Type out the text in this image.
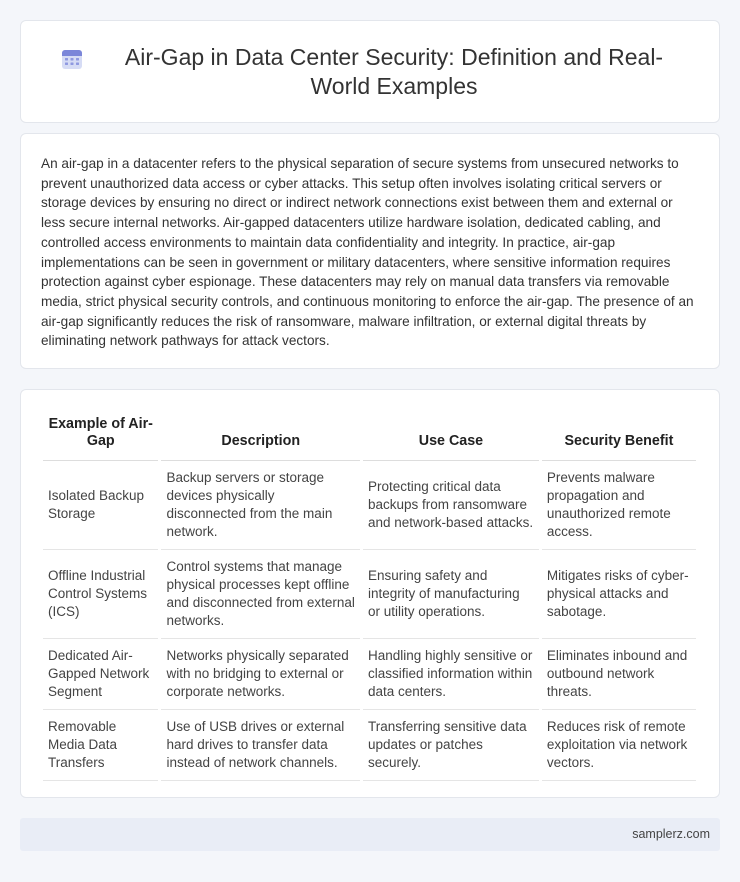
Air-Gap in Data Center Security: Definition and Real-World Examples

An air-gap in a datacenter refers to the physical separation of secure systems from unsecured networks to prevent unauthorized data access or cyber attacks. This setup often involves isolating critical servers or storage devices by ensuring no direct or indirect network connections exist between them and external or less secure internal networks. Air-gapped datacenters utilize hardware isolation, dedicated cabling, and controlled access environments to maintain data confidentiality and integrity. In practice, air-gap implementations can be seen in government or military datacenters, where sensitive information requires protection against cyber espionage. These datacenters may rely on manual data transfers via removable media, strict physical security controls, and continuous monitoring to enforce the air-gap. The presence of an air-gap significantly reduces the risk of ransomware, malware infiltration, or external digital threats by eliminating network pathways for attack vectors.

Example of Air-Gap	Description	Use Case	Security Benefit
Isolated Backup Storage	Backup servers or storage devices physically disconnected from the main network.	Protecting critical data backups from ransomware and network-based attacks.	Prevents malware propagation and unauthorized remote access.
Offline Industrial Control Systems (ICS)	Control systems that manage physical processes kept offline and disconnected from external networks.	Ensuring safety and integrity of manufacturing or utility operations.	Mitigates risks of cyber-physical attacks and sabotage.
Dedicated Air-Gapped Network Segment	Networks physically separated with no bridging to external or corporate networks.	Handling highly sensitive or classified information within data centers.	Eliminates inbound and outbound network threats.
Removable Media Data Transfers	Use of USB drives or external hard drives to transfer data instead of network channels.	Transferring sensitive data updates or patches securely.	Reduces risk of remote exploitation via network vectors.
samplerz.com
